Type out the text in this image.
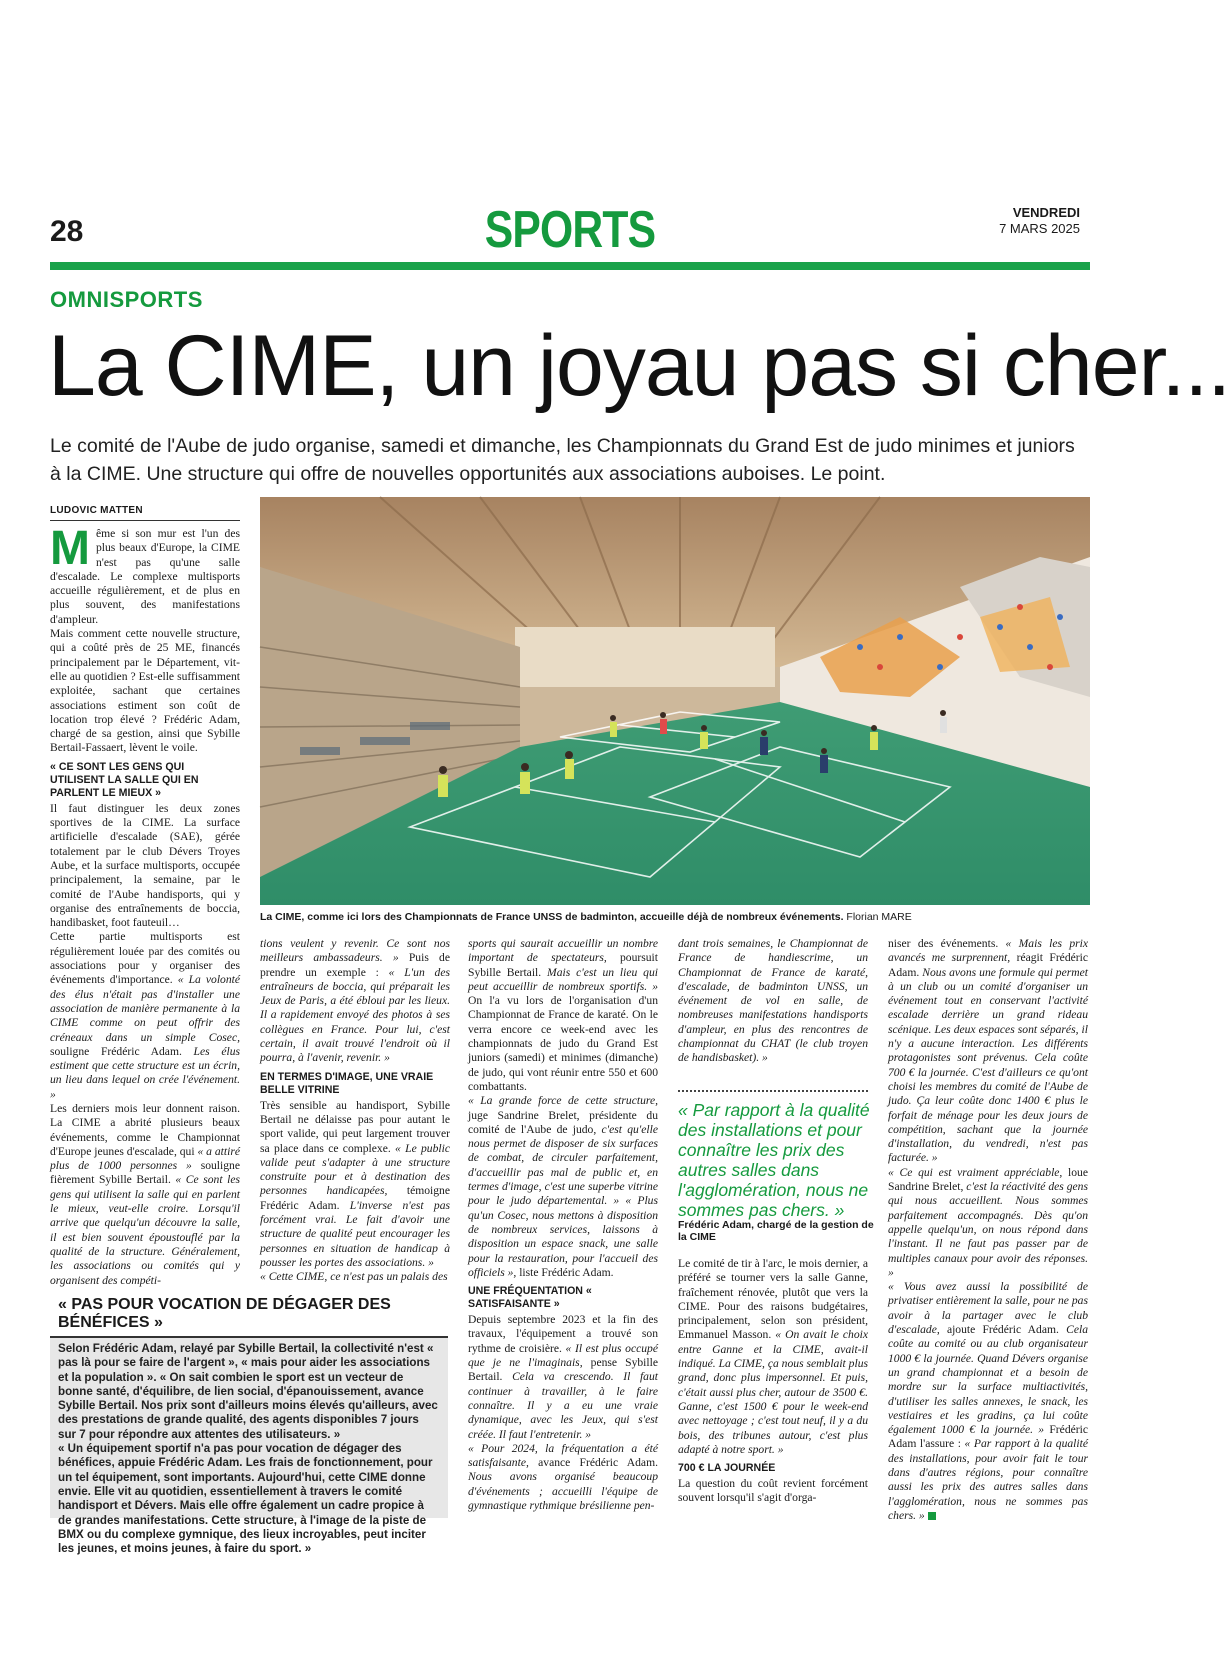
28	SPORTS	VENDREDI
7 MARS 2025
OMNISPORTS
La CIME, un joyau pas si cher...
Le comité de l'Aube de judo organise, samedi et dimanche, les Championnats du Grand Est de judo minimes et juniors à la CIME. Une structure qui offre de nouvelles opportunités aux associations auboises. Le point.
LUDOVIC MATTEN

Même si son mur est l'un des plus beaux d'Europe, la CIME n'est pas qu'une salle d'escalade. Le complexe multisports accueille régulièrement, et de plus en plus souvent, des manifestations d'ampleur.

Mais comment cette nouvelle structure, qui a coûté près de 25 ME, financés principalement par le Département, vit-elle au quotidien ? Est-elle suffisamment exploitée, sachant que certaines associations estiment son coût de location trop élevé ? Frédéric Adam, chargé de sa gestion, ainsi que Sybille Bertail-Fassaert, lèvent le voile.

« CE SONT LES GENS QUI UTILISENT LA SALLE QUI EN PARLENT LE MIEUX »

Il faut distinguer les deux zones sportives de la CIME. La surface artificielle d'escalade (SAE), gérée totalement par le club Dévers Troyes Aube, et la surface multisports, occupée principalement, la semaine, par le comité de l'Aube handisports, qui y organise des entraînements de boccia, handibasket, foot fauteuil…

Cette partie multisports est régulièrement louée par des comités ou associations pour y organiser des événements d'importance. « La volonté des élus n'était pas d'installer une association de manière permanente à la CIME comme on peut offrir des créneaux dans un simple Cosec, souligne Frédéric Adam. Les élus estiment que cette structure est un écrin, un lieu dans lequel on crée l'événement. »

Les derniers mois leur donnent raison. La CIME a abrité plusieurs beaux événements, comme le Championnat d'Europe jeunes d'escalade, qui « a attiré plus de 1000 personnes » souligne fièrement Sybille Bertail. « Ce sont les gens qui utilisent la salle qui en parlent le mieux, veut-elle croire. Lorsqu'il arrive que quelqu'un découvre la salle, il est bien souvent époustouflé par la qualité de la structure. Généralement, les associations ou comités qui y organisent des compéti-

La CIME, comme ici lors des Championnats de France UNSS de badminton, accueille déjà de nombreux événements. Florian MARE

tions veulent y revenir. Ce sont nos meilleurs ambassadeurs. » Puis de prendre un exemple : « L'un des entraîneurs de boccia, qui préparait les Jeux de Paris, a été ébloui par les lieux. Il a rapidement envoyé des photos à ses collègues en France. Pour lui, c'est certain, il avait trouvé l'endroit où il pourra, à l'avenir, revenir. »

EN TERMES D'IMAGE, UNE VRAIE BELLE VITRINE

Très sensible au handisport, Sybille Bertail ne délaisse pas pour autant le sport valide, qui peut largement trouver sa place dans ce complexe. « Le public valide peut s'adapter à une structure construite pour et à destination des personnes handicapées, témoigne Frédéric Adam. L'inverse n'est pas forcément vrai. Le fait d'avoir une structure de qualité peut encourager les personnes en situation de handicap à pousser les portes des associations. »

« Cette CIME, ce n'est pas un palais des

sports qui saurait accueillir un nombre important de spectateurs, poursuit Sybille Bertail. Mais c'est un lieu qui peut accueillir de nombreux sportifs. » On l'a vu lors de l'organisation d'un Championnat de France de karaté. On le verra encore ce week-end avec les championnats de judo du Grand Est juniors (samedi) et minimes (dimanche) de judo, qui vont réunir entre 550 et 600 combattants.

« La grande force de cette structure, juge Sandrine Brelet, présidente du comité de l'Aube de judo, c'est qu'elle nous permet de disposer de six surfaces de combat, de circuler parfaitement, d'accueillir pas mal de public et, en termes d'image, c'est une superbe vitrine pour le judo départemental. » « Plus qu'un Cosec, nous mettons à disposition de nombreux services, laissons à disposition un espace snack, une salle pour la restauration, pour l'accueil des officiels », liste Frédéric Adam.

UNE FRÉQUENTATION « SATISFAISANTE »

Depuis septembre 2023 et la fin des travaux, l'équipement a trouvé son rythme de croisière. « Il est plus occupé que je ne l'imaginais, pense Sybille Bertail. Cela va crescendo. Il faut continuer à travailler, à le faire connaître. Il y a eu une vraie dynamique, avec les Jeux, qui s'est créée. Il faut l'entretenir. »

« Pour 2024, la fréquentation a été satisfaisante, avance Frédéric Adam. Nous avons organisé beaucoup d'événements ; accueilli l'équipe de gymnastique rythmique brésilienne pen-

dant trois semaines, le Championnat de France de handiescrime, un Championnat de France de karaté, d'escalade, de badminton UNSS, un événement de vol en salle, de nombreuses manifestations handisports d'ampleur, en plus des rencontres de championnat du CHAT (le club troyen de handisbasket). »

« Par rapport à la qualité des installations et pour connaître les prix des autres salles dans l'agglomération, nous ne sommes pas chers. »
Frédéric Adam, chargé de la gestion de la CIME

Le comité de tir à l'arc, le mois dernier, a préféré se tourner vers la salle Ganne, fraîchement rénovée, plutôt que vers la CIME. Pour des raisons budgétaires, principalement, selon son président, Emmanuel Masson. « On avait le choix entre Ganne et la CIME, avait-il indiqué. La CIME, ça nous semblait plus grand, donc plus impersonnel. Et puis, c'était aussi plus cher, autour de 3500 €. Ganne, c'est 1500 € pour le week-end avec nettoyage ; c'est tout neuf, il y a du bois, des tribunes autour, c'est plus adapté à notre sport. »

700 € LA JOURNÉE

La question du coût revient forcément souvent lorsqu'il s'agit d'orga-

niser des événements. « Mais les prix avancés me surprennent, réagit Frédéric Adam. Nous avons une formule qui permet à un club ou un comité d'organiser un événement tout en conservant l'activité escalade derrière un grand rideau scénique. Les deux espaces sont séparés, il n'y a aucune interaction. Les différents protagonistes sont prévenus. Cela coûte 700 € la journée. C'est d'ailleurs ce qu'ont choisi les membres du comité de l'Aube de judo. Ça leur coûte donc 1400 € plus le forfait de ménage pour les deux jours de compétition, sachant que la journée d'installation, du vendredi, n'est pas facturée. »

« Ce qui est vraiment appréciable, loue Sandrine Brelet, c'est la réactivité des gens qui nous accueillent. Nous sommes parfaitement accompagnés. Dès qu'on appelle quelqu'un, on nous répond dans l'instant. Il ne faut pas passer par de multiples canaux pour avoir des réponses. »

« Vous avez aussi la possibilité de privatiser entièrement la salle, pour ne pas avoir à la partager avec le club d'escalade, ajoute Frédéric Adam. Cela coûte au comité ou au club organisateur 1000 € la journée. Quand Dévers organise un grand championnat et a besoin de mordre sur la surface multiactivités, d'utiliser les salles annexes, le snack, les vestiaires et les gradins, ça lui coûte également 1000 € la journée. » Frédéric Adam l'assure : « Par rapport à la qualité des installations, pour avoir fait le tour dans d'autres régions, pour connaître aussi les prix des autres salles dans l'agglomération, nous ne sommes pas chers. »

« PAS POUR VOCATION DE DÉGAGER DES BÉNÉFICES »

Selon Frédéric Adam, relayé par Sybille Bertail, la collectivité n'est « pas là pour se faire de l'argent », « mais pour aider les associations et la population ». « On sait combien le sport est un vecteur de bonne santé, d'équilibre, de lien social, d'épanouissement, avance Sybille Bertail. Nos prix sont d'ailleurs moins élevés qu'ailleurs, avec des prestations de grande qualité, des agents disponibles 7 jours sur 7 pour répondre aux attentes des utilisateurs. »

« Un équipement sportif n'a pas pour vocation de dégager des bénéfices, appuie Frédéric Adam. Les frais de fonctionnement, pour un tel équipement, sont importants. Aujourd'hui, cette CIME donne envie. Elle vit au quotidien, essentiellement à travers le comité handisport et Dévers. Mais elle offre également un cadre propice à de grandes manifestations. Cette structure, à l'image de la piste de BMX ou du complexe gymnique, des lieux incroyables, peut inciter les jeunes, et moins jeunes, à faire du sport. »
